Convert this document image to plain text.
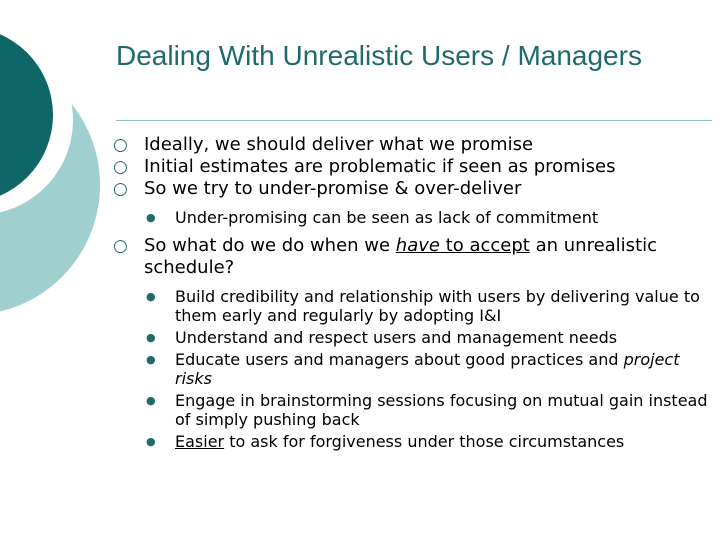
Dealing With Unrealistic Users / Managers
○ Ideally, we should deliver what we promise
○ Initial estimates are problematic if seen as promises
○ So we try to under-promise & over-deliver
● Under-promising can be seen as lack of commitment
○ So what do we do when we have to accept an unrealistic schedule?
● Build credibility and relationship with users by delivering value to them early and regularly by adopting I&I
● Understand and respect users and management needs
● Educate users and managers about good practices and project risks
● Engage in brainstorming sessions focusing on mutual gain instead of simply pushing back
● Easier to ask for forgiveness under those circumstances
